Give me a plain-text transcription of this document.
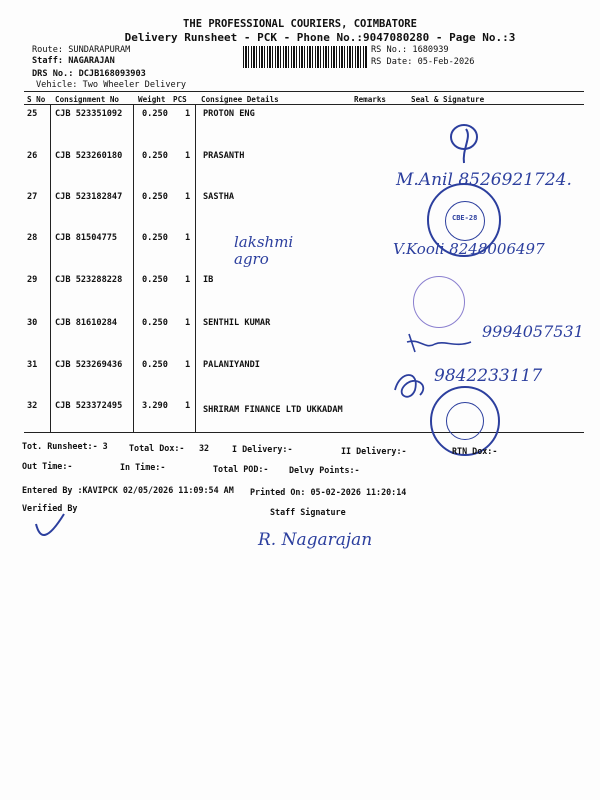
THE PROFESSIONAL COURIERS, COIMBATORE
Delivery Runsheet - PCK - Phone No.:9047080280 - Page No.:3
Route: SUNDARAPURAM
Staff: NAGARAJAN
DRS No.: DCJB168093903
Vehicle: Two Wheeler Delivery
RS No.: 1680939
RS Date: 05-Feb-2026
S No Consignment No Weight PCS Consignee Details	Remarks	Seal & Signature
25 CJB 523351092 0.250 1 PROTON ENG
26 CJB 523260180 0.250 1 PRASANTH
27 CJB 523182847 0.250 1 SASTHA
28 CJB 81504775	0.250 1	lakshmi agro
29 CJB 523288228 0.250 1 IB
30 CJB 81610284	0.250 1 SENTHIL KUMAR
31 CJB 523269436 0.250 1 PALANIYANDI
32 CJB 523372495 3.290 1 SHRIRAM FINANCE LTD UKKADAM
M.Anil 8526921724.
V.Kooli 8248006497
9994057531
9842233117
CBE-28
Tot. Runsheet:- 3	Total Dox:- 32	I Delivery:-	II Delivery:-	RTN Dox:-
Out Time:-	In Time:-	Total POD:- Delvy Points:-
Entered By :KAVIPCK 02/05/2026 11:09:54 AM Printed On: 05-02-2026 11:20:14
Verified By	Staff Signature
R. Nagarajan
